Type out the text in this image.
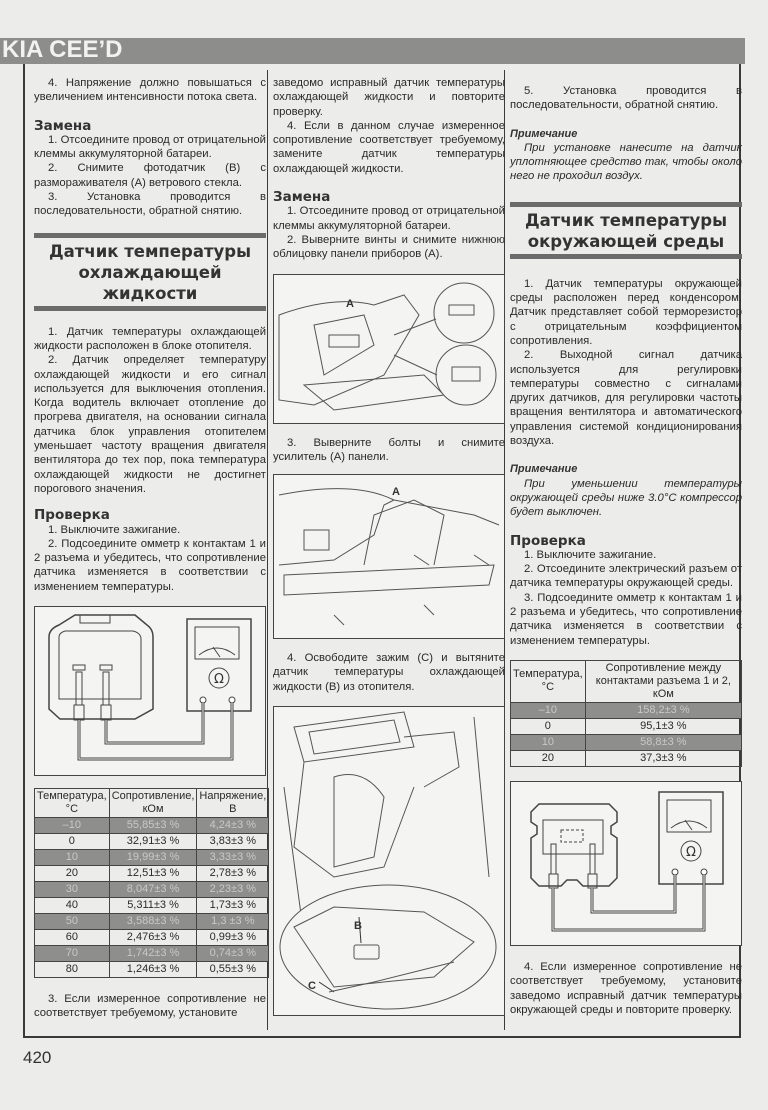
KIA CEE’D

4. Напряжение должно повышаться с увеличением интенсивности потока света.

Замена

1. Отсоедините провод от отрицательной клеммы аккумуляторной батареи.

2. Снимите фотодатчик (B) с размораживателя (A) ветрового стекла.

3. Установка проводится в последовательности, обратной снятию.

Датчик температуры
охлаждающей жидкости

1. Датчик температуры охлаждающей жидкости расположен в блоке отопителя.

2. Датчик определяет температуру охлаждающей жидкости и его сигнал используется для выключения отопления. Когда водитель включает отопление до прогрева двигателя, на основании сигнала датчика блок управления отопителем уменьшает частоту вращения двигателя вентилятора до тех пор, пока температура охлаждающей жидкости не достигнет порогового значения.

Проверка

1. Выключите зажигание.

2. Подсоедините омметр к контактам 1 и 2 разъема и убедитесь, что сопротивление датчика изменяется в соответствии с изменением температуры.

Ω
Температура, °С	Сопротивление, кОм	Напряжение, В
–10	55,85±3 %	4,24±3 %
0	32,91±3 %	3,83±3 %
10	19,99±3 %	3,33±3 %
20	12,51±3 %	2,78±3 %
30	8,047±3 %	2,23±3 %
40	5,311±3 %	1,73±3 %
50	3,588±3 %	1,3 ±3 %
60	2,476±3 %	0,99±3 %
70	1,742±3 %	0,74±3 %
80	1,246±3 %	0,55±3 %

3. Если измеренное сопротивление не соответствует требуемому, установите

заведомо исправный датчик температуры охлаждающей жидкости и повторите проверку.

4. Если в данном случае измеренное сопротивление соответствует требуемому, замените датчик температуры охлаждающей жидкости.

Замена

1. Отсоедините провод от отрицательной клеммы аккумуляторной батареи.

2. Выверните винты и снимите нижнюю облицовку панели приборов (A).

A

3. Выверните болты и снимите усилитель (A) панели.

A

4. Освободите зажим (C) и вытяните датчик температуры охлаждающей жидкости (B) из отопителя.

B
C

5. Установка проводится в последовательности, обратной снятию.

Примечание

При установке нанесите на датчик уплотняющее средство так, чтобы около него не проходил воздух.

Датчик температуры
окружающей среды

1. Датчик температуры окружающей среды расположен перед конденсором. Датчик представляет собой терморезистор с отрицательным коэффициентом сопротивления.

2. Выходной сигнал датчика используется для регулировки температуры совместно с сигналами других датчиков, для регулировки частоты вращения вентилятора и автоматического управления системой кондиционирования воздуха.

Примечание

При уменьшении температуры окружающей среды ниже 3.0°С компрессор будет выключен.

Проверка

1. Выключите зажигание.

2. Отсоедините электрический разъем от датчика температуры окружающей среды.

3. Подсоедините омметр к контактам 1 и 2 разъема и убедитесь, что сопротивление датчика изменяется в соответствии с изменением температуры.

Температура, °С	Сопротивление между контактами разъема 1 и 2, кОм
–10	158,2±3 %
0	95,1±3 %
10	58,8±3 %
20	37,3±3 %
Ω

4. Если измеренное сопротивление не соответствует требуемому, установите заведомо исправный датчик температуры окружающей среды и повторите проверку.

420
